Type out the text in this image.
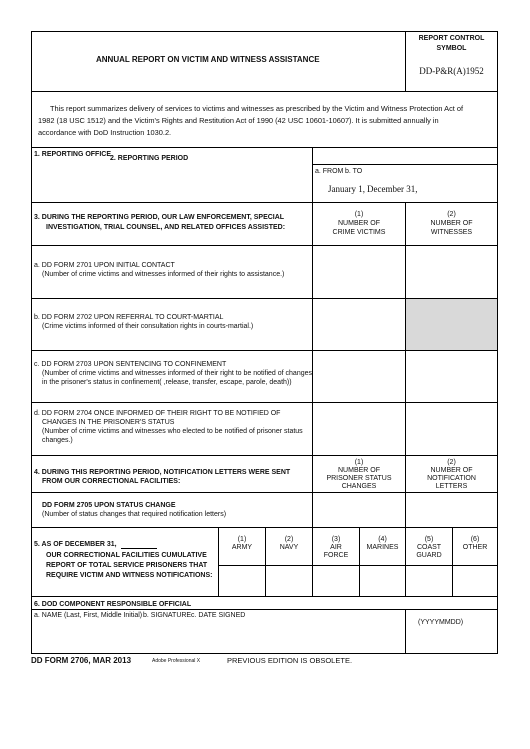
ANNUAL REPORT ON VICTIM AND WITNESS ASSISTANCE
REPORT CONTROL
SYMBOL
DD-P&R(A)1952
This report summarizes delivery of services to victims and witnesses as prescribed by the Victim and Witness Protection Act of
1982 (18 USC 1512) and the Victim's Rights and Restitution Act of 1990 (42 USC 10601-10607). It is submitted annually in
accordance with DoD Instruction 1030.2.
1. REPORTING OFFICE
2. REPORTING PERIOD
a. FROM b. TO
January 1, December 31,
3. DURING THE REPORTING PERIOD, OUR LAW ENFORCEMENT, SPECIAL
INVESTIGATION, TRIAL COUNSEL, AND RELATED OFFICES ASSISTED:
(1)
NUMBER OF
CRIME VICTIMS
(2)
NUMBER OF
WITNESSES
a. DD FORM 2701 UPON INITIAL CONTACT
(Number of crime victims and witnesses informed of their rights to assistance.)
b. DD FORM 2702 UPON REFERRAL TO COURT-MARTIAL
(Crime victims informed of their consultation rights in courts-martial.)
c. DD FORM 2703 UPON SENTENCING TO CONFINEMENT
(Number of crime victims and witnesses informed of their right to be notified of changes
in the prisoner's status in confinement( ,release, transfer, escape, parole, death))
d. DD FORM 2704 ONCE INFORMED OF THEIR RIGHT TO BE NOTIFIED OF
CHANGES IN THE PRISONER'S STATUS
(Number of crime victims and witnesses who elected to be notified of prisoner status
changes.)
4. DURING THIS REPORTING PERIOD, NOTIFICATION LETTERS WERE SENT
FROM OUR CORRECTIONAL FACILITIES:
(1)
NUMBER OF
PRISONER STATUS
CHANGES
(2)
NUMBER OF
NOTIFICATION
LETTERS
DD FORM 2705 UPON STATUS CHANGE
(Number of status changes that required notification letters)
5. AS OF DECEMBER 31,
OUR CORRECTIONAL FACILITIES CUMULATIVE
REPORT OF TOTAL SERVICE PRISONERS THAT
REQUIRE VICTIM AND WITNESS NOTIFICATIONS:
(1)
ARMY
(2)
NAVY
(3)
AIR
FORCE
(4)
MARINES
(5)
COAST
GUARD
(6)
OTHER
6. DOD COMPONENT RESPONSIBLE OFFICIAL
a. NAME (Last, First, Middle Initial) b. SIGNATURE c. DATE SIGNED
(YYYYMMDD)
DD FORM 2706, MAR 2013	Adobe Professional X	PREVIOUS EDITION IS OBSOLETE.
